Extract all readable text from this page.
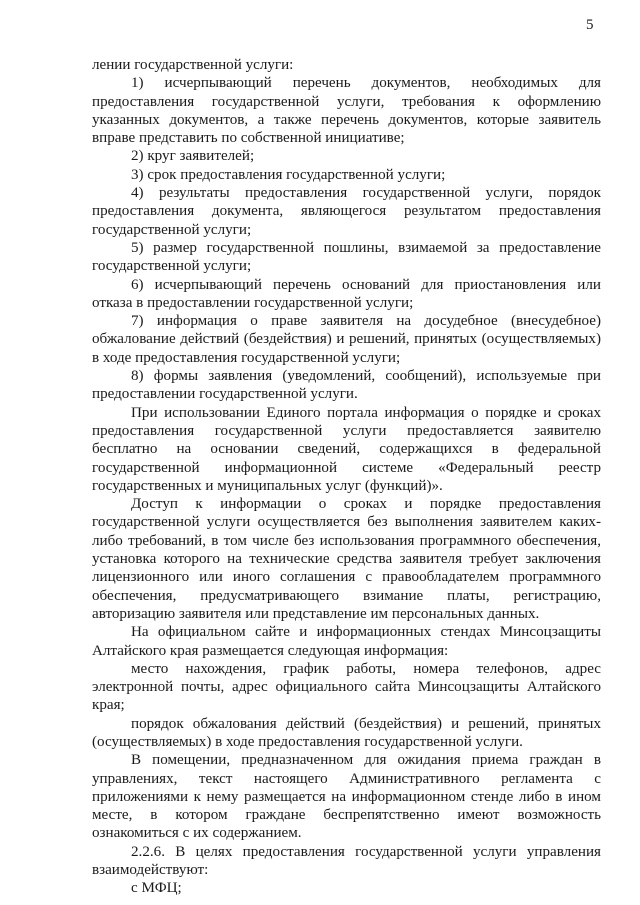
5

лении государственной услуги:

1) исчерпывающий перечень документов, необходимых для предоставления государственной услуги, требования к оформлению указанных документов, а также перечень документов, которые заявитель вправе представить по собственной инициативе;

2) круг заявителей;

3) срок предоставления государственной услуги;

4) результаты предоставления государственной услуги, порядок предоставления документа, являющегося результатом предоставления государственной услуги;

5) размер государственной пошлины, взимаемой за предоставление государственной услуги;

6) исчерпывающий перечень оснований для приостановления или отказа в предоставлении государственной услуги;

7) информация о праве заявителя на досудебное (внесудебное) обжалование действий (бездействия) и решений, принятых (осуществляемых) в ходе предоставления государственной услуги;

8) формы заявления (уведомлений, сообщений), используемые при предоставлении государственной услуги.

При использовании Единого портала информация о порядке и сроках предоставления государственной услуги предоставляется заявителю бесплатно на основании сведений, содержащихся в федеральной государственной информационной системе «Федеральный реестр государственных и муниципальных услуг (функций)».

Доступ к информации о сроках и порядке предоставления государственной услуги осуществляется без выполнения заявителем каких-либо требований, в том числе без использования программного обеспечения, установка которого на технические средства заявителя требует заключения лицензионного или иного соглашения с правообладателем программного обеспечения, предусматривающего взимание платы, регистрацию, авторизацию заявителя или представление им персональных данных.

На официальном сайте и информационных стендах Минсоцзащиты Алтайского края размещается следующая информация:

место нахождения, график работы, номера телефонов, адрес электронной почты, адрес официального сайта Минсоцзащиты Алтайского края;

порядок обжалования действий (бездействия) и решений, принятых (осуществляемых) в ходе предоставления государственной услуги.

В помещении, предназначенном для ожидания приема граждан в управлениях, текст настоящего Административного регламента с приложениями к нему размещается на информационном стенде либо в ином месте, в котором граждане беспрепятственно имеют возможность ознакомиться с их содержанием.

2.2.6. В целях предоставления государственной услуги управления взаимодействуют:

с МФЦ;
